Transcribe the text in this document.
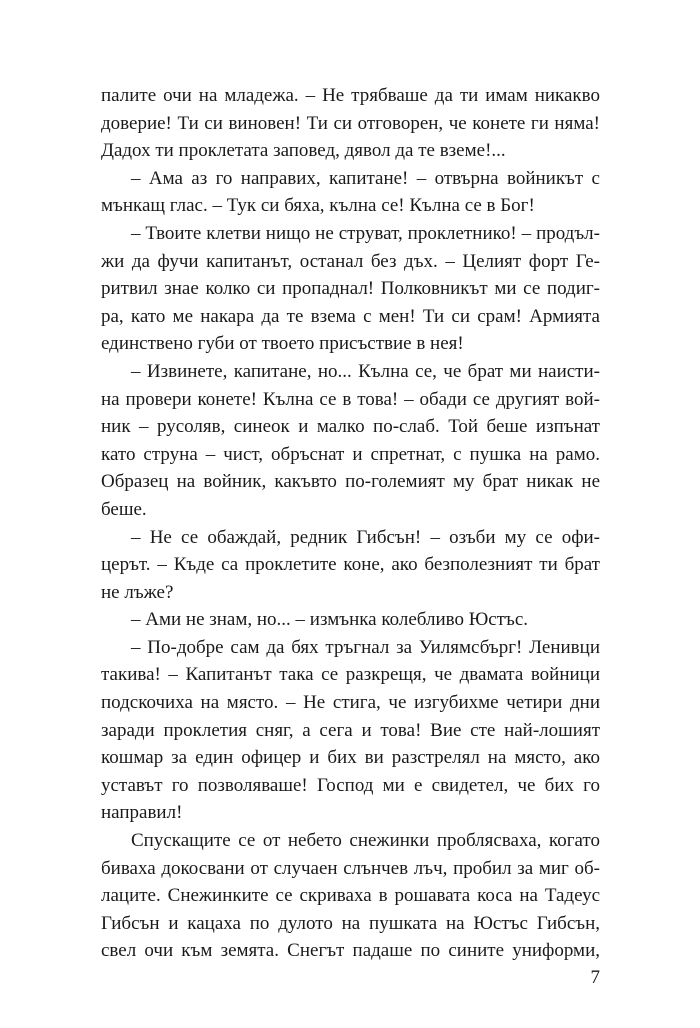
палите очи на младежа. – Не трябваше да ти имам никакво
доверие! Ти си виновен! Ти си отговорен, че конете ги няма!
Дадох ти проклетата заповед, дявол да те вземе!...
– Ама аз го направих, капитане! – отвърна войникът с
мънкащ глас. – Тук си бяха, кълна се! Кълна се в Бог!
– Твоите клетви нищо не струват, проклетнико! – продъл-
жи да фучи капитанът, останал без дъх. – Целият форт Ге-
ритвил знае колко си пропаднал! Полковникът ми се подиг-
ра, като ме накара да те взема с мен! Ти си срам! Армията
единствено губи от твоето присъствие в нея!
– Извинете, капитане, но... Кълна се, че брат ми наисти-
на провери конете! Кълна се в това! – обади се другият вой-
ник – русоляв, синеок и малко по-слаб. Той беше изпънат
като струна – чист, обръснат и спретнат, с пушка на рамо.
Образец на войник, какъвто по-големият му брат никак не
беше.
– Не се обаждай, редник Гибсън! – озъби му се офи-
церът. – Къде са проклетите коне, ако безполезният ти брат
не лъже?
– Ами не знам, но... – измънка колебливо Юстъс.
– По-добре сам да бях тръгнал за Уилямсбърг! Ленивци
такива! – Капитанът така се разкрещя, че двамата войници
подскочиха на място. – Не стига, че изгубихме четири дни
заради проклетия сняг, а сега и това! Вие сте най-лошият
кошмар за един офицер и бих ви разстрелял на място, ако
уставът го позволяваше! Господ ми е свидетел, че бих го
направил!
Спускащите се от небето снежинки проблясваха, когато
биваха докосвани от случаен слънчев лъч, пробил за миг об-
лаците. Снежинките се скриваха в рошавата коса на Тадеус
Гибсън и кацаха по дулото на пушката на Юстъс Гибсън,
свел очи към земята. Снегът падаше по сините униформи,
7
